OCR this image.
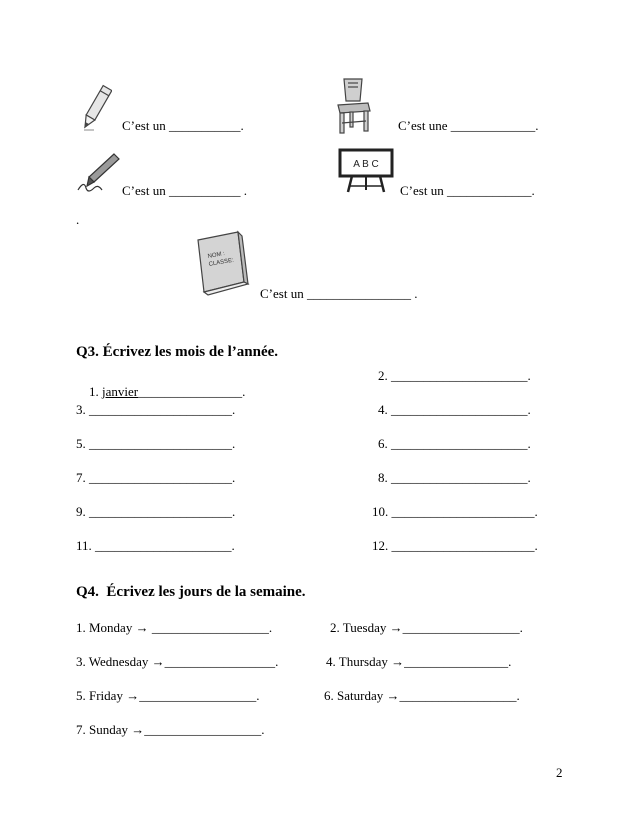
C’est un ___________.	C’est une _____________.
C’est un ___________ .
A B C
C’est un _____________.
.
NOM :
CLASSE:
C’est un ________________ .
Q3. Écrivez les mois de l’année.

1. janvier________________.

2. _____________________.
3. ______________________.	4. _____________________.
5. ______________________.	6. _____________________.
7. ______________________.	8. _____________________.
9. ______________________.	10. ______________________.
11. _____________________.	12. ______________________.
Q4.  Écrivez les jours de la semaine.
1. Monday → __________________.	2. Tuesday →__________________.
3. Wednesday →_________________.	4. Thursday →________________.
5. Friday →__________________.	6. Saturday →__________________.
7. Sunday →__________________.
2
